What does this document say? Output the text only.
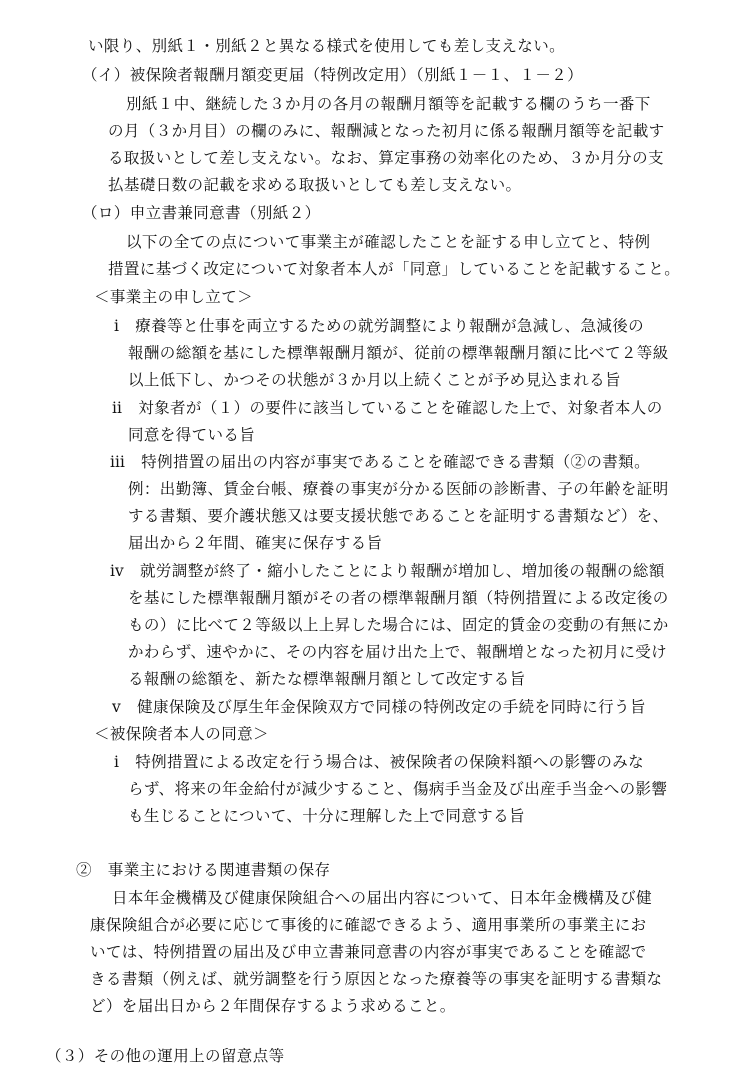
い限り、別紙１・別紙２と異なる様式を使用しても差し支えない。
（イ）被保険者報酬月額変更届（特例改定用）（別紙１－１、１－２）
別紙１中、継続した３か月の各月の報酬月額等を記載する欄のうち一番下
の月（３か月目）の欄のみに、報酬減となった初月に係る報酬月額等を記載す
る取扱いとして差し支えない。なお、算定事務の効率化のため、３か月分の支
払基礎日数の記載を求める取扱いとしても差し支えない。
（ロ）申立書兼同意書（別紙２）
以下の全ての点について事業主が確認したことを証する申し立てと、特例
措置に基づく改定について対象者本人が「同意」していることを記載すること。
＜事業主の申し立て＞
ⅰ　療養等と仕事を両立するための就労調整により報酬が急減し、急減後の
報酬の総額を基にした標準報酬月額が、従前の標準報酬月額に比べて２等級
以上低下し、かつその状態が３か月以上続くことが予め見込まれる旨
ⅱ　対象者が（１）の要件に該当していることを確認した上で、対象者本人の
同意を得ている旨
ⅲ　特例措置の届出の内容が事実であることを確認できる書類（②の書類。
例：出勤簿、賃金台帳、療養の事実が分かる医師の診断書、子の年齢を証明
する書類、要介護状態又は要支援状態であることを証明する書類など）を、
届出から２年間、確実に保存する旨
ⅳ　就労調整が終了・縮小したことにより報酬が増加し、増加後の報酬の総額
を基にした標準報酬月額がその者の標準報酬月額（特例措置による改定後の
もの）に比べて２等級以上上昇した場合には、固定的賃金の変動の有無にか
かわらず、速やかに、その内容を届け出た上で、報酬増となった初月に受け
る報酬の総額を、新たな標準報酬月額として改定する旨
ⅴ　健康保険及び厚生年金保険双方で同様の特例改定の手続を同時に行う旨
＜被保険者本人の同意＞
ⅰ　特例措置による改定を行う場合は、被保険者の保険料額への影響のみな
らず、将来の年金給付が減少すること、傷病手当金及び出産手当金への影響
も生じることについて、十分に理解した上で同意する旨
②　事業主における関連書類の保存
日本年金機構及び健康保険組合への届出内容について、日本年金機構及び健
康保険組合が必要に応じて事後的に確認できるよう、適用事業所の事業主にお
いては、特例措置の届出及び申立書兼同意書の内容が事実であることを確認で
きる書類（例えば、就労調整を行う原因となった療養等の事実を証明する書類な
ど）を届出日から２年間保存するよう求めること。
（３）その他の運用上の留意点等
